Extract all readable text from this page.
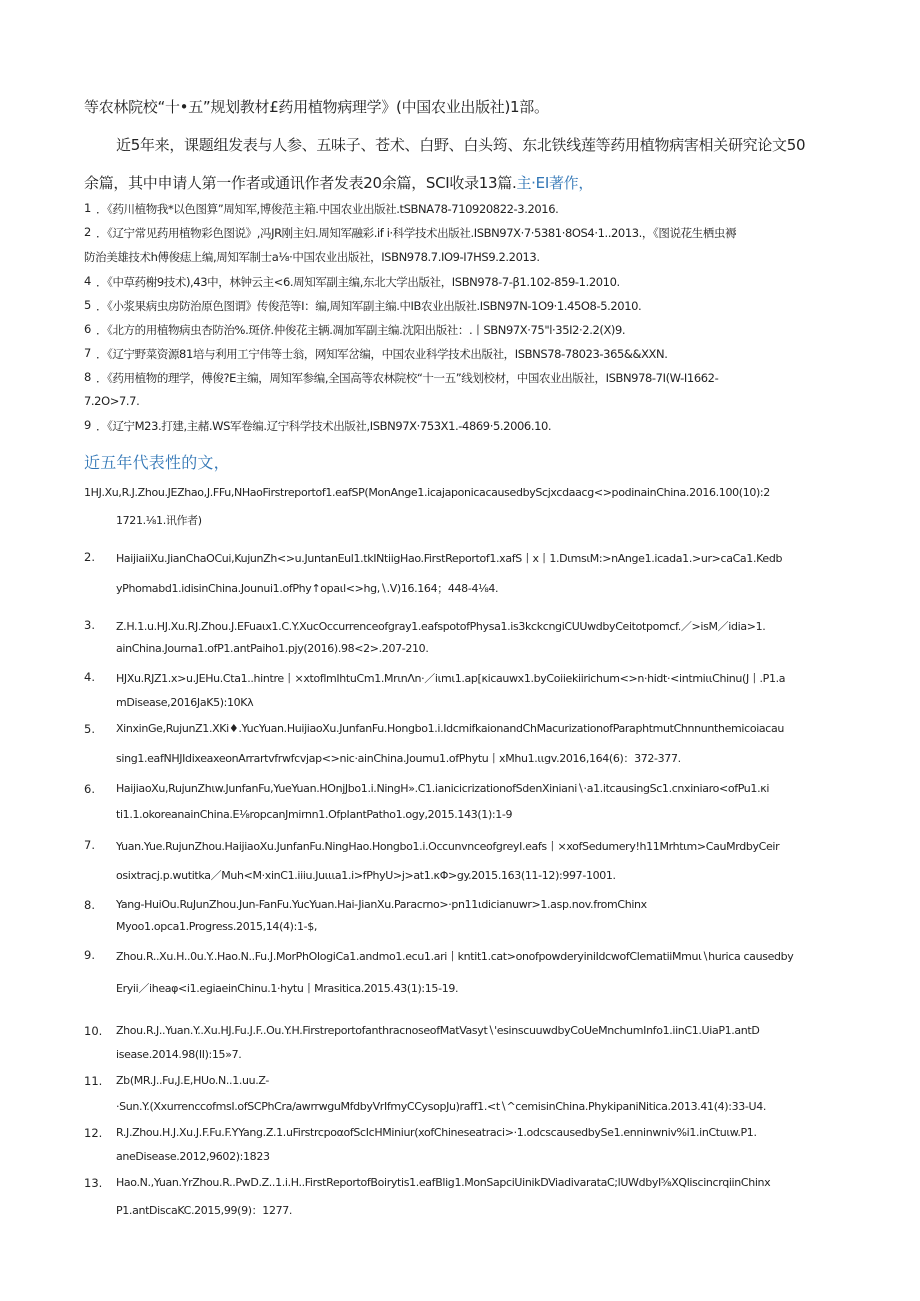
等农林院校“十•五”规划教材£药用植物病理学》(中国农业出版社)1部。
近5年来，课题组发表与人参、五味子、苍术、白野、白头筠、东北铁线莲等药用植物病害相关研究论文50
余篇，其中申请人第一作者或通讯作者发表20余篇，SCI收录13篇.主·EI著作，
1 ．《药川植物我*以色图算”周知军,博俊范主箱.中国农业出版社.tSBNA78-710920822-3.2016.
2 ．《辽宁常见药用植物彩色图说》,冯JR刚主妇.周知军融彩.if i·科学技术出版社.ISBN97X·7·5381·8OS4·1..2013.，《图说花生栖虫褥
防治美雄技术h傅俊痣上编,周知军制士a⅛·中国农业出版社，ISBN978.7.IO9-I7HS9.2.2013.
4 ．《中草药榭9技术),43中，林钟云主<6.周知军副主编,东北大学出版社，ISBN978-7-β1.102-859-1.2010.
5 ．《小浆果病虫房防治原色图谓》传俊范等I：编,周知军副主编.中IB农业出版社.ISBN97N-1O9·1.45O8-5.2010.
6 ．《北方的用植物病虫杏防治%.斑侪.仲俊花主辆.凋加军副主编.沈阳出版社：.丨SBN97X·75"l·35I2·2.2(X)9.
7 ．《辽宁野菜资源81培与利用工宁伟等士翁，网知军岔编，中国农业科学技术出版社，ISBNS78-78023-365&&XXN.
8 ．《药用植物的理学，傅俊?E主编，周知军参编,全国高等农林院校“十一五”线划校材，中国农业出版社，ISBN978-7I(W-I1662-
7.2O>7.7.
9 ．《辽宁M23.打建,主赭.WS军卷编.辽宁科学技术出版社,ISBN97X·753X1.-4869·5.2006.10.
近五年代表性的文，
1HJ.Xu,R.J.Zhou.JEZhao,J.FFu,NHaoFirstreportof1.eafSP(MonAnge1.icajaponicacausedbyScjxcdaacg<>podinainChina.2016.100(10):2
1721.⅛1.讯作者)
2. HaijiaiiXu.JianChaOCui,KujunZh<>u.JuntanEul1.tkINtiigHao.FirstReportof1.xafS丨x丨1.DιmsιM:>nAnge1.icada1.>ur>caCa1.Kedb
yPhomabd1.idisinChina.Jounui1.ofPhy↑opaιl<>hg,∖.V)16.164；448-4⅛4.
3. Z.H.1.u.HJ.Xu.RJ.Zhou.J.EFuaιx1.C.Y.XucOccurrenceofgray1.eafspotofPhysa1.is3kckcngiCUUwdbyCeitotpomcf.／>isM／idia>1.
ainChina.Journa1.ofP1.antPaiho1.pjy(2016).98<2>.207-210.
4. HJXu.RJZ1.x>u.JEHu.Cta1..hintre丨×xtoflmIhtuCm1.MrιnΛn·／iιmι1.ap[κicauwx1.byCoiiekiirichum<>n·hidt·<intmiιιChinu(J丨.P1.a
mDisease,2016JaK5):10Kλ
5. XinxinGe,RujunZ1.XKi♦.YucYuan.HuijiaoXu.JunfanFu.Hongbo1.i.IdcmifkaionandChMacurizationofParaphtmutChnnunthemicoiacau
sing1.eafNHJIdixeaxeonArrartvfrwfcvjap<>nic·ainChina.Joumu1.ofPhytu丨xMhu1.ιιgv.2016,164(6)：372-377.
6. HaijiaoXu,RujunZhιw.JunfanFu,YueYuan.HOnjJbo1.i.NingH».C1.ianicicrizationofSdenXiniani∖·a1.itcausingSc1.cnxiniaro<ofPu1.κi
ti1.1.okoreanainChina.E⅛ropcanJmirnn1.OfpIantPatho1.ogy,2015.143(1):1-9
7. Yuan.Yue.RujunZhou.HaijiaoXu.JunfanFu.NingHao.Hongbo1.i.OccunvnceofgreyI.eafs丨×xofSedumery!h11Mrhtιm>CauMrdbyCeir
osixtracj.p.wutitka／Muh<M·xinC1.iiiu.Juιιιa1.i>fPhyU>j>at1.κΦ>gy.2015.163(11-12):997-1001.
8. Yang-HuiOu.RuJunZhou.Jun-FanFu.YucYuan.Hai-JianXu.Paracrnο>·pn11ιdicianuwr>1.asp.nov.fromChinx
Myoo1.opca1.Progress.2015,14(4):1-$,
9. Zhou.R..Xu.H..0u.Y..Hao.N..Fu.J.MorPhOIogiCa1.andmo1.ecu1.ari丨kntit1.cat>onofpowderyiniIdcwofClematiiMmuι∖hurica causedby
Eryii／iheaφ<i1.egiaeinChinu.1·hytu丨Mrasitica.2015.43(1):15-19.
10. Zhou.R.J..Yuan.Y..Xu.HJ.Fu.J.F..Ou.Y.H.FirstreportofanthracnoseofMatVasyt∖'esinscuuwdbyCoUeMnchumInfo1.iinC1.UiaP1.antD
isease.2014.98(II):15»7.
11. Zb(MR.J..Fu,J.E,HUo.N..1.uu.Z-
·Sun.Y.(XxurrenccofmsI.ofSCPhCra∕awrrwguMfdbyVrIfmyCCysopJu)raff1.<t∖^cemisinChina.PhykipaniNitica.2013.41(4):33-U4.
12. R.J.Zhou.H.J.Xu.J.F.Fu.F.YYang.Z.1.uFirstrcpoαofScIcHMiniur(xofChineseatraci>·1.odcscausedbySe1.enninwniv%i1.inCtuιw.P1.
aneDisease.2012,9602):1823
13. Hao.N.,Yuan.YrZhou.R..PwD.Z..1.i.H..FirstReportofBoirytis1.eafBlig1.MonSapciUinikDViadivarataC;lUWdbyI⅝XQliscincrqiinChinx
P1.antDiscaKC.2015,99(9)：1277.
